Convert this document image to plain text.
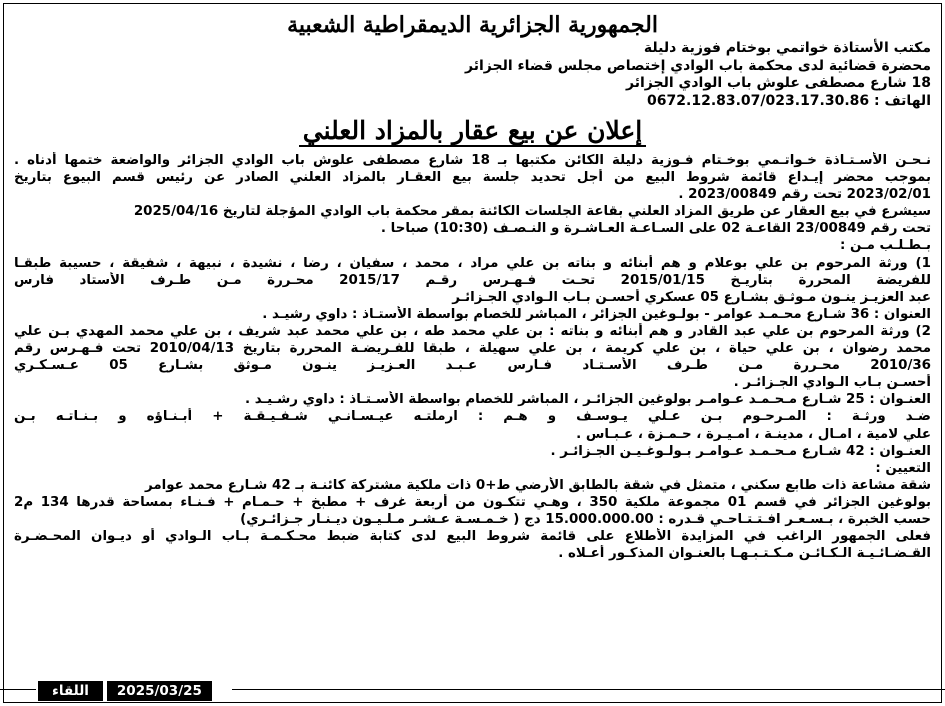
الجمهورية الجزائرية الديمقراطية الشعبية
مكتب الأستاذة خواتمي بوختام فوزية دليلة
محضرة قضائية لدى محكمة باب الوادي إختصاص مجلس قضاء الجزائر
18 شارع مصطفى علوش باب الوادي الجزائر
الهاتف : 0672.12.83.07/023.17.30.86
إعلان عن بيع عقار بالمزاد العلني
نـحـن الأسـتـاذة خـواتـمي بوخـتام فـوزية دليلة الكائن مكتبها بـ 18 شارع مصطفى علوش باب الوادي الجزائر والواضعة ختمها أدناه .
بموجب محضر إيـداع قائمة شروط البيع من أجل تحديد جلسة بيع العقـار بالمزاد العلني الصادر عن رئيس قسم البيوع بتاريخ
2023/02/01 تحت رقم 2023/00849 .
سيشرع في بيع العقار عن طريق المزاد العلني بقاعة الجلسات الكائنة بمقر محكمة باب الوادي المؤجلة لتاريخ 2025/04/16
تحت رقم 23/00849 القاعـة 02 على السـاعـة العـاشـرة و النـصـف (10:30) صباحا .
بـطـلـب مـن :
1) ورثة المرحوم بن علي بوعلام و هم أبنائه و بناته بن علي مراد ، محمد ، سفيان ، رضا ، نشيدة ، نبيهة ، شفيقة ، حسيبة طبقـا
للفريضة المحررة بتاريـخ 2015/01/15 تحـت فـهـرس رقـم 2015/17 محـررة مـن طـرف الأستاد فارس
عبد العزيـز ينـون مـوثـق بشـارع 05 عسكري أحسـن بـاب الـوادي الجـزائـر
العنوان : 36 شـارع محـمـد عوامر - بولـوغين الجزائر ، المباشر للخصام بواسطة الأستـاذ : داوي رشيـد .
2) ورثة المرحوم بن علي عبد القادر و هم أبنائه و بناته : بن علي محمد طه ، بن علي محمد عبد شريف ، بن علي محمد المهدي بـن علي
محمد رضوان ، بن علي حياة ، بن علي كريمة ، بن علي سهيلة ، طبقا للفـريضـة المحررة بتاريخ 2010/04/13 تحت فـهـرس رقم
2010/36 محـررة مـن طـرف الأسـتـاد فـارس عـبـد العـزيـز ينـون مـوثق بشـارع 05 عـسـكـري
أحسـن بـاب الـوادي الجـزائـر .
العنـوان : 25 شـارع مـحـمـد عـوامـر بولوغين الجزائـر ، المباشر للخصام بواسطة الأسـتـاذ : داوي رشـيـد .
ضـد ورثـة : المـرحـوم بـن عـلي يـوسـف و هـم : ارملتـه عيـسـانـي شـفـيـقـة + أبـنـاؤه و بـنـاتـه بـن
علي لامية ، امـال ، مدينـة ، امـيـرة ، حـمـزة ، عـبـاس .
العنـوان : 42 شـارع مـحـمـد عـوامـر بـولـوغـيـن الجـزائـر .
التعيين :
شقة مشاعة ذات طابع سكني ، متمثل في شقة بالطابق الأرضي ط+0 ذات ملكية مشتركة كائنـة بـ 42 شـارع محمد عوامر
بولوغين الجزائر في قسم 01 مجموعة ملكية 350 ، وهـي تتكـون من أربعة غرف + مطبخ + حـمـام + فـنـاء بمساحة قدرها 134 م2
حسب الخبرة ، بـسـعـر افـتـتـاحـي قـدره : 15.000.000.00 دج ( خـمـسـة عـشـر مـلـيـون ديـنـار جـزائـري)
فعلى الجمهور الراغب في المزايدة الأطلاع على قائمة شروط البيع لدى كتابة ضبط محـكـمـة بـاب الـوادي أو ديـوان المحـضـرة
القـضـائـيـة الـكـائـن مـكـتـبـهـا بالعنـوان المذكـور أعـلاه .
اللقاء	2025/03/25
